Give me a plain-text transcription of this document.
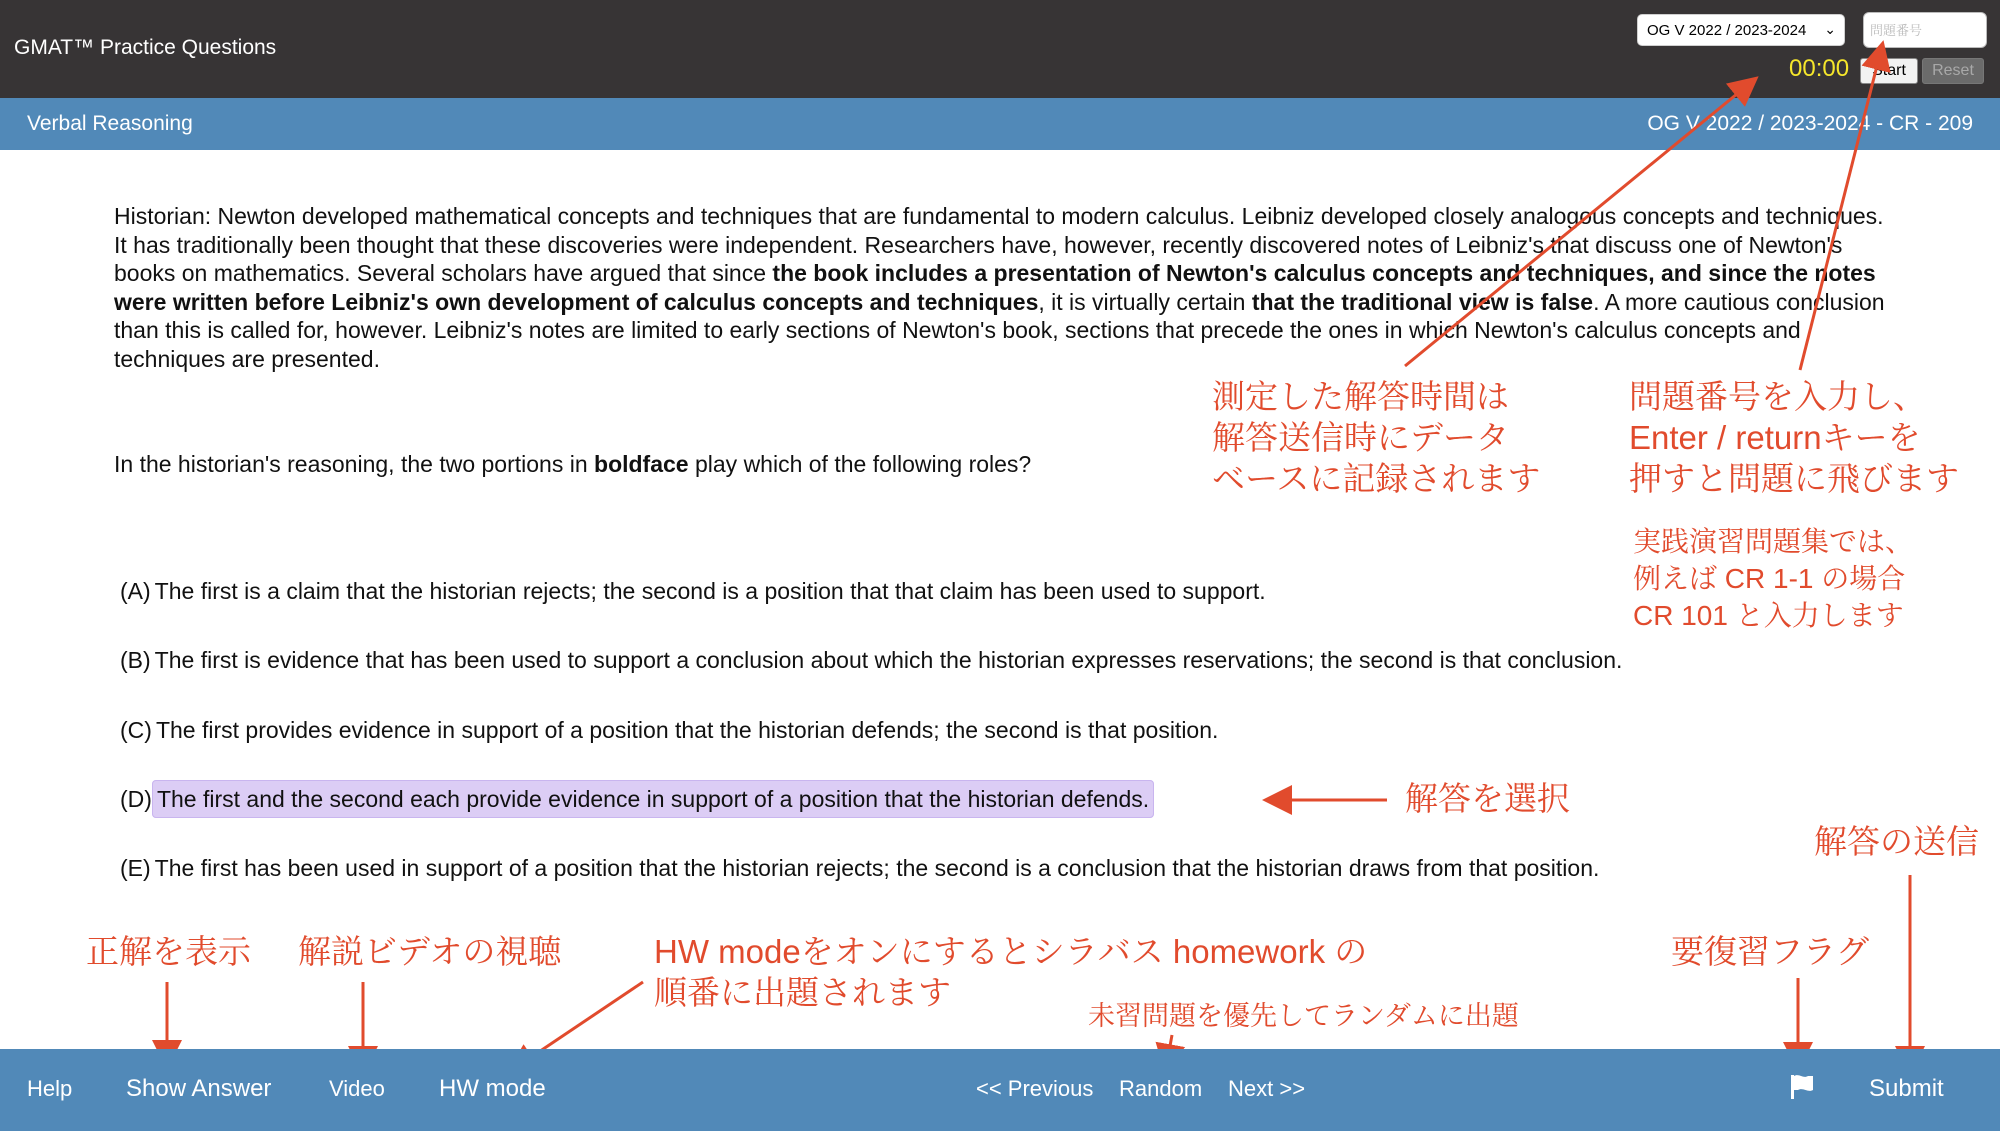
GMAT™ Practice Questions
OG V 2022 / 2023-2024 ⌄
問題番号
00:00	Start	Reset
Verbal Reasoning	OG V 2022 / 2023-2024 - CR - 209
Historian: Newton developed mathematical concepts and techniques that are fundamental to modern calculus. Leibniz developed closely analogous concepts and techniques. It has traditionally been thought that these discoveries were independent. Researchers have, however, recently discovered notes of Leibniz's that discuss one of Newton's books on mathematics. Several scholars have argued that since the book includes a presentation of Newton's calculus concepts and techniques, and since the notes were written before Leibniz's own development of calculus concepts and techniques, it is virtually certain that the traditional view is false. A more cautious conclusion than this is called for, however. Leibniz's notes are limited to early sections of Newton's book, sections that precede the ones in which Newton's calculus concepts and techniques are presented.
In the historian's reasoning, the two portions in boldface play which of the following roles?
(A) The first is a claim that the historian rejects; the second is a position that that claim has been used to support.
(B) The first is evidence that has been used to support a conclusion about which the historian expresses reservations; the second is that conclusion.
(C) The first provides evidence in support of a position that the historian defends; the second is that position.
(D) The first and the second each provide evidence in support of a position that the historian defends.
(E) The first has been used in support of a position that the historian rejects; the second is a conclusion that the historian draws from that position.
測定した解答時間は
解答送信時にデータ
ベースに記録されます
問題番号を入力し、
Enter / returnキーを
押すと問題に飛びます
実践演習問題集では、
例えば CR 1-1 の場合
CR 101 と入力します
解答を選択
解答の送信
正解を表示 解説ビデオの視聴	HW modeをオンにするとシラバス homework の
順番に出題されます
未習問題を優先してランダムに出題
要復習フラグ
Help Show Answer	Video HW mode	<< Previous Random Next >>	Submit
